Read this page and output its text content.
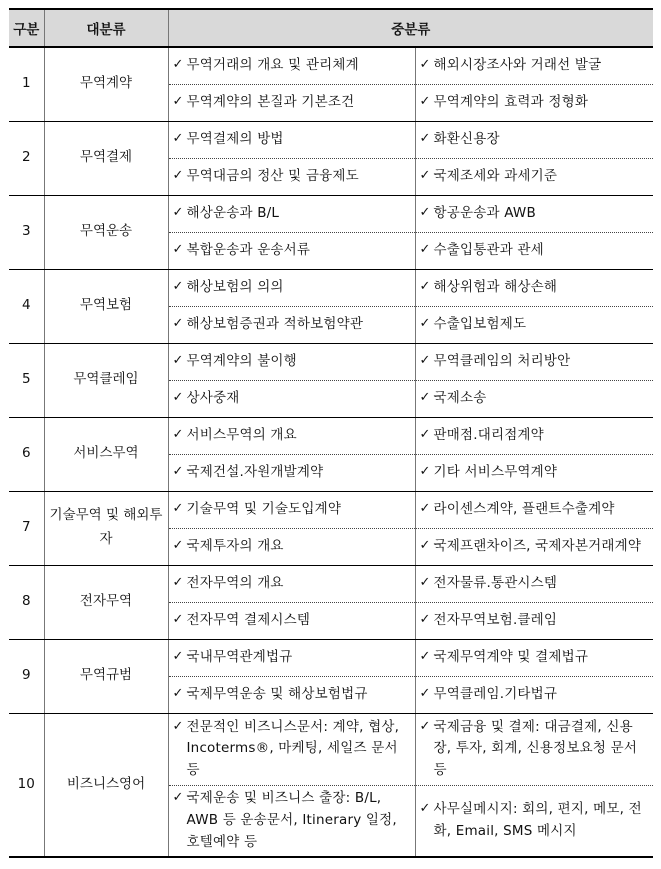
구분	대분류	중분류	
1	무역계약	✓ 무역거래의 개요 및 관리체계	✓ 해외시장조사와 거래선 발굴

		✓ 무역계약의 본질과 기본조건	✓ 무역계약의 효력과 정형화

2	무역결제	✓ 무역결제의 방법	✓ 화환신용장

		✓ 무역대금의 정산 및 금융제도	✓ 국제조세와 과세기준

3	무역운송	✓ 해상운송과 B/L	✓ 항공운송과 AWB

		✓ 복합운송과 운송서류	✓ 수출입통관과 관세

4	무역보험	✓ 해상보험의 의의	✓ 해상위험과 해상손해

		✓ 해상보험증권과 적하보험약관	✓ 수출입보험제도

5	무역클레임	✓ 무역계약의 불이행	✓ 무역클레임의 처리방안

		✓ 상사중재	✓ 국제소송

6	서비스무역	✓ 서비스무역의 개요	✓ 판매점.대리점계약

		✓ 국제건설.자원개발계약	✓ 기타 서비스무역계약

7	기술무역 및 해외투자	✓ 기술무역 및 기술도입계약	✓ 라이센스계약, 플랜트수출계약

		✓ 국제투자의 개요	✓ 국제프랜차이즈, 국제자본거래계약

8	전자무역	✓ 전자무역의 개요	✓ 전자물류.통관시스템

		✓ 전자무역 결제시스템	✓ 전자무역보험.클레임

9	무역규범	✓ 국내무역관계법규	✓ 국제무역계약 및 결제법규

		✓ 국제무역운송 및 해상보험법규	✓ 무역클레임.기타법규

10	비즈니스영어	✓ 전문적인 비즈니스문서: 계약, 협상, Incoterms®, 마케팅, 세일즈 문서 등	✓ 국제금융 및 결제: 대금결제, 신용장, 투자, 회계, 신용정보요청 문서 등

		✓ 국제운송 및 비즈니스 출장: B/L, AWB 등 운송문서, Itinerary 일정, 호텔예약 등	✓ 사무실메시지: 회의, 편지, 메모, 전화, Email, SMS 메시지
